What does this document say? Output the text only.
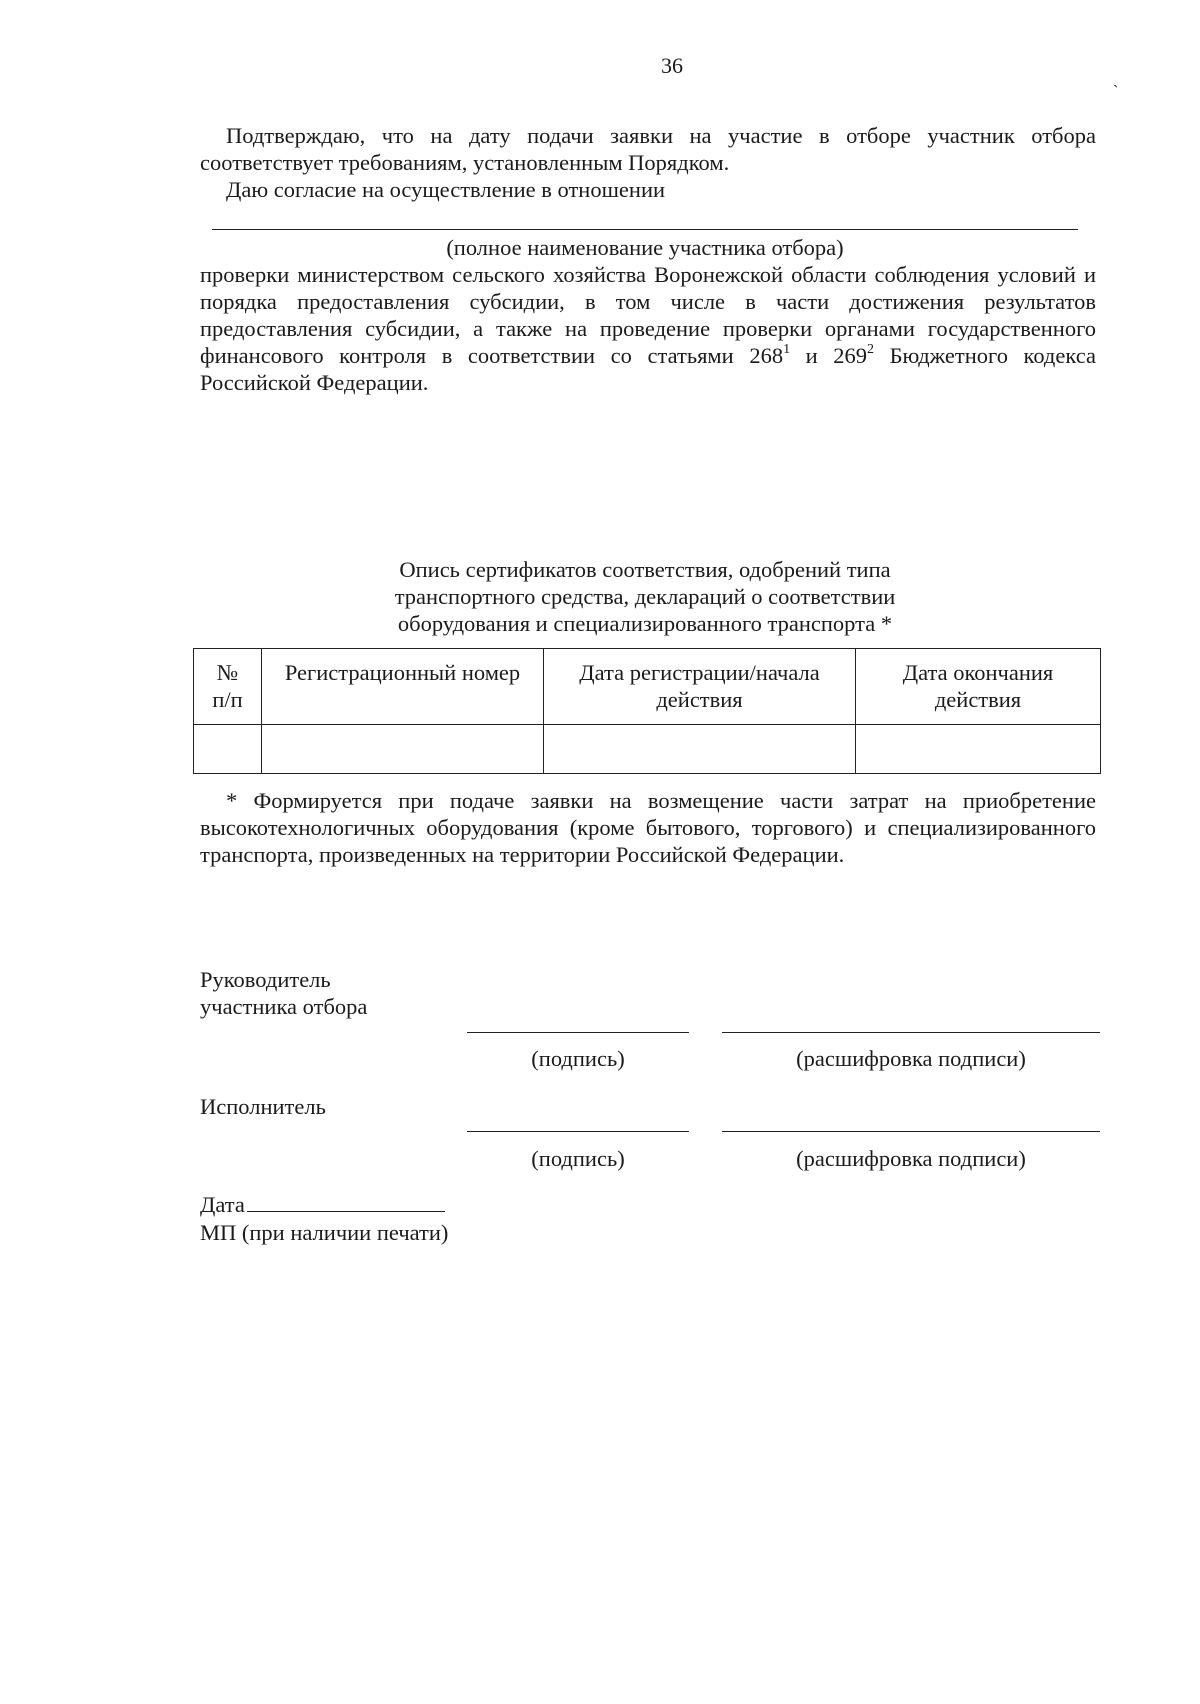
36
ˏ

Подтверждаю, что на дату подачи заявки на участие в отборе участник отбора соответствует требованиям, установленным Порядком.

Даю согласие на осуществление в отношении
(полное наименование участника отбора)

проверки министерством сельского хозяйства Воронежской области соблюдения условий и порядка предоставления субсидии, в том числе в части достижения результатов предоставления субсидии, а также на проведение проверки органами государственного финансового контроля в соответствии со статьями $268^1$ и $269^2$ Бюджетного кодекса Российской Федерации.

Опись сертификатов соответствия, одобрений типа
транспортного средства, деклараций о соответствии
оборудования и специализированного транспорта *
№ п/п	Регистрационный номер	Дата регистрации/начала действия	Дата окончания действия

* Формируется при подаче заявки на возмещение части затрат на приобретение высокотехнологичных оборудования (кроме бытового, торгового) и специализированного транспорта, произведенных на территории Российской Федерации.

Руководитель
участника отбора
(подпись)	(расшифровка подписи)
Исполнитель
(подпись)	(расшифровка подписи)
Дата
МП (при наличии печати)
